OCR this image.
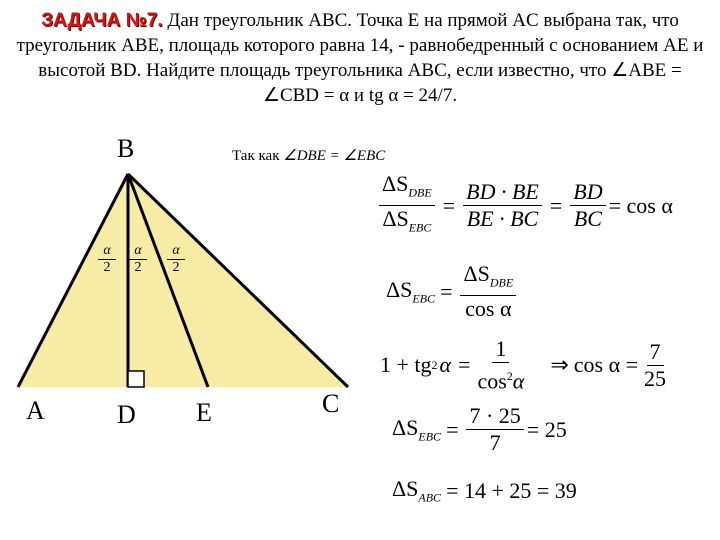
ЗАДАЧА №7. Дан треугольник ABC. Точка E на прямой AC выбрана так, что треугольник ABE, площадь которого равна 14, - равнобедренный с основанием AE и высотой BD. Найдите площадь треугольника ABC, если известно, что ∠ABE = ∠CBD = α и tg α = 24/7.
B
A	D E	C
$\frac{\alpha}{2} \frac{\alpha}{2} \frac{\alpha}{2}$
Так как ∠DBE = ∠EBC
$\Delta S_{DBE}$
$\Delta S_{EBC}$
= $\frac{BD \cdot BE}{BE \cdot BC} = \frac{BD}{BC} = \cos \alpha$
$\Delta S_{EBC}$ =
$\Delta S_{DBE}$
cos α
1 + tg 2 $\alpha = \frac{1}{\cos^2\alpha}$ ⇒ $\cos \alpha = \frac{7}{25}$
$\Delta S_{EBC} = \frac{7 \cdot 25}{7} = 25$
$\Delta S_{ABC} = 14 + 25 = 39$
